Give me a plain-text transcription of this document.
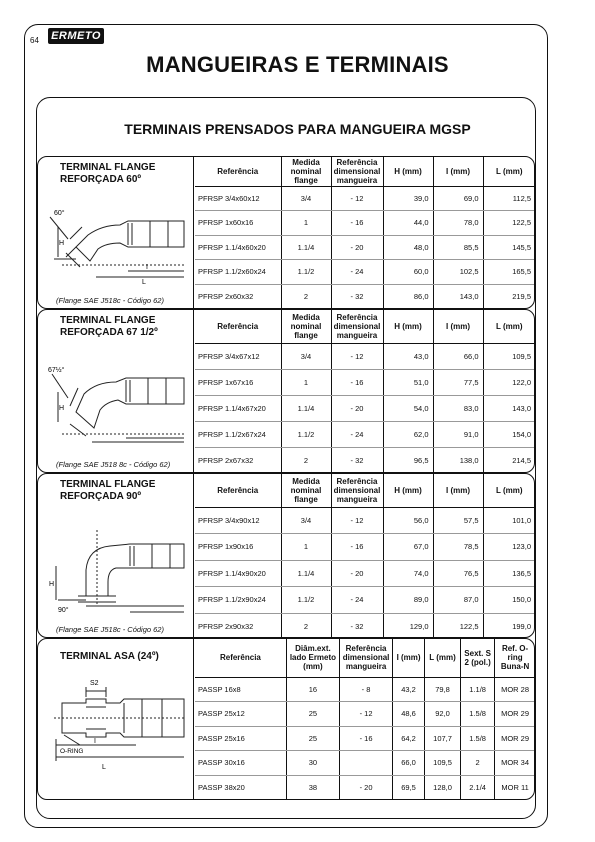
64 ERMETO
MANGUEIRAS E TERMINAIS
TERMINAIS PRENSADOS PARA MANGUEIRA MGSP
TERMINAL FLANGE
REFORÇADA 60º
60°
H
I
L
(Flange SAE J518c - Código 62)
Referência	Medida nominal flange	Referência dimensional mangueira	H (mm)	I (mm)	L (mm)
PFRSP 3/4x60x12	3/4	- 12	39,0	69,0	112,5
PFRSP 1x60x16	1	- 16	44,0	78,0	122,5
PFRSP 1.1/4x60x20	1.1/4	- 20	48,0	85,5	145,5
PFRSP 1.1/2x60x24	1.1/2	- 24	60,0	102,5	165,5
PFRSP 2x60x32	2	- 32	86,0	143,0	219,5
TERMINAL FLANGE
REFORÇADA 67 1/2º
67½°
H
(Flange SAE J518 8c - Código 62)
Referência	Medida nominal flange	Referência dimensional mangueira	H (mm)	I (mm)	L (mm)
PFRSP 3/4x67x12	3/4	- 12	43,0	66,0	109,5
PFRSP 1x67x16	1	- 16	51,0	77,5	122,0
PFRSP 1.1/4x67x20	1.1/4	- 20	54,0	83,0	143,0
PFRSP 1.1/2x67x24	1.1/2	- 24	62,0	91,0	154,0
PFRSP 2x67x32	2	- 32	96,5	138,0	214,5
TERMINAL FLANGE
REFORÇADA 90º
90°
H
(Flange SAE J518c - Código 62)
Referência	Medida nominal flange	Referência dimensional mangueira	H (mm)	I (mm)	L (mm)
PFRSP 3/4x90x12	3/4	- 12	56,0	57,5	101,0
PFRSP 1x90x16	1	- 16	67,0	78,5	123,0
PFRSP 1.1/4x90x20	1.1/4	- 20	74,0	76,5	136,5
PFRSP 1.1/2x90x24	1.1/2	- 24	89,0	87,0	150,0
PFRSP 2x90x32	2	- 32	129,0	122,5	199,0
TERMINAL ASA (24º)
S2
O-RING
L
I
Referência	Diâm.ext. lado Ermeto (mm)	Referência dimensional mangueira	I (mm)	L (mm)	Sext. S 2 (pol.)	Ref. O-ring Buna-N
PASSP 16x8	16	- 8	43,2	79,8	1.1/8	MOR 28
PASSP 25x12	25	- 12	48,6	92,0	1.5/8	MOR 29
PASSP 25x16	25	- 16	64,2	107,7	1.5/8	MOR 29
PASSP 30x16	30		66,0	109,5	2	MOR 34
PASSP 38x20	38	- 20	69,5	128,0	2.1/4	MOR 11
